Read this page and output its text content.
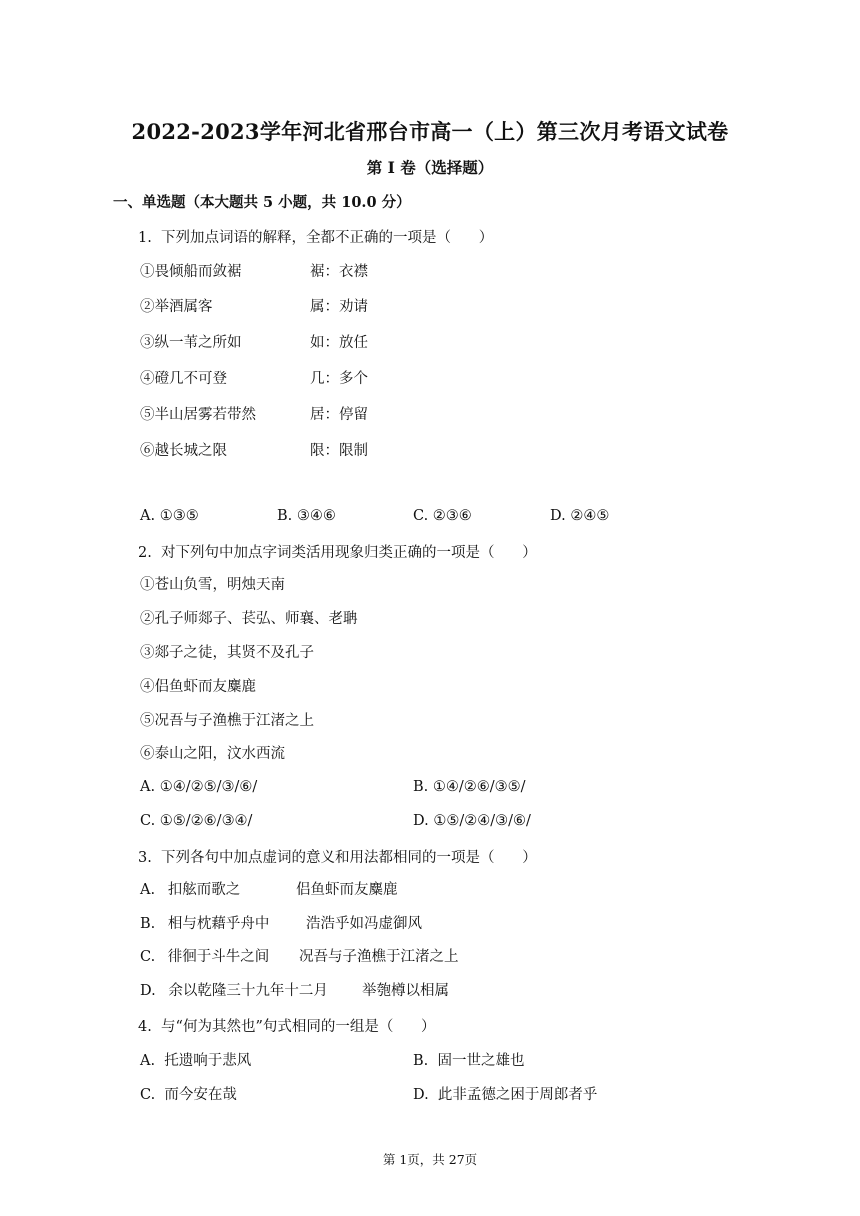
2022-2023学年河北省邢台市高一（上）第三次月考语文试卷
第 I 卷（选择题）
一、单选题（本大题共 5 小题，共 10.0 分）
1.  下列加点词语的解释，全都不正确的一项是（      ）
①畏倾船而敛裾	裾：衣襟
②举酒属客	属：劝请
③纵一苇之所如	如：放任
④磴几不可登	几：多个
⑤半山居雾若带然	居：停留
⑥越长城之限	限：限制
A. ①③⑤	B. ③④⑥	C. ②③⑥	D. ②④⑤
2.  对下列句中加点字词类活用现象归类正确的一项是（      ）
①苍山负雪，明烛天南
②孔子师郯子、苌弘、师襄、老聃
③郯子之徒，其贤不及孔子
④侣鱼虾而友麋鹿
⑤况吾与子渔樵于江渚之上
⑥泰山之阳，汶水西流
A. ①④/②⑤/③/⑥/	B. ①④/②⑥/③⑤/
C. ①⑤/②⑥/③④/	D. ①⑤/②④/③/⑥/
3.  下列各句中加点虚词的意义和用法都相同的一项是（      ）
A. 扣舷而歌之	侣鱼虾而友麋鹿
B. 相与枕藉乎舟中	浩浩乎如冯虚御风
C. 徘徊于斗牛之间 况吾与子渔樵于江渚之上
D. 余以乾隆三十九年十二月 举匏樽以相属
4.  与“何为其然也”句式相同的一组是（      ）
A.  托遗响于悲风	B.  固一世之雄也
C.  而今安在哉	D.  此非孟德之困于周郎者乎
第 1页，共 27页
